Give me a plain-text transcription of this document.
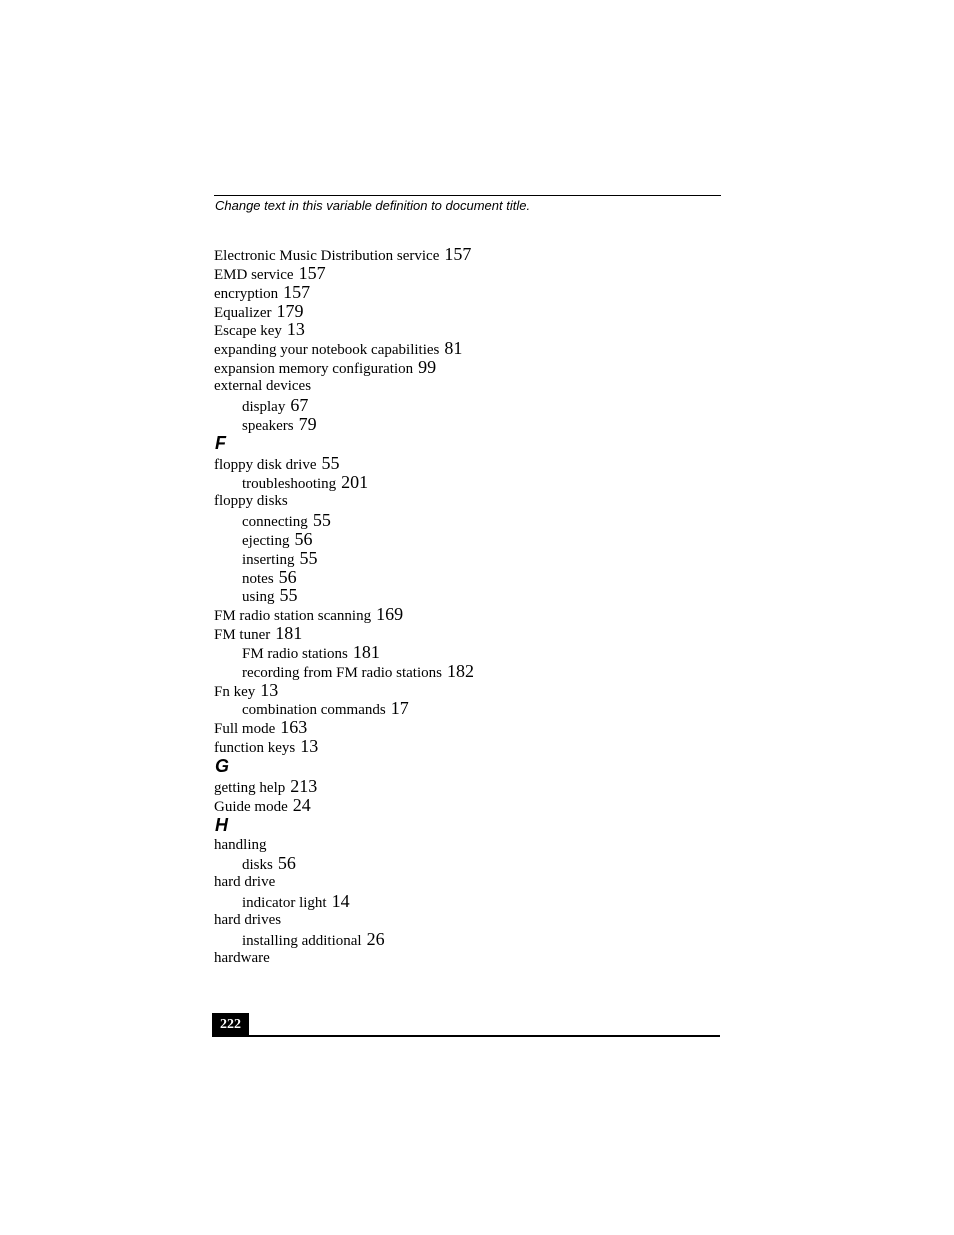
Change text in this variable definition to document title.
Electronic Music Distribution service 157
EMD service 157
encryption 157
Equalizer 179
Escape key 13
expanding your notebook capabilities 81
expansion memory configuration 99
external devices
display 67
speakers 79
F
floppy disk drive 55
troubleshooting 201
floppy disks
connecting 55
ejecting 56
inserting 55
notes 56
using 55
FM radio station scanning 169
FM tuner 181
FM radio stations 181
recording from FM radio stations 182
Fn key 13
combination commands 17
Full mode 163
function keys 13
G
getting help 213
Guide mode 24
H
handling
disks 56
hard drive
indicator light 14
hard drives
installing additional 26
hardware
222
